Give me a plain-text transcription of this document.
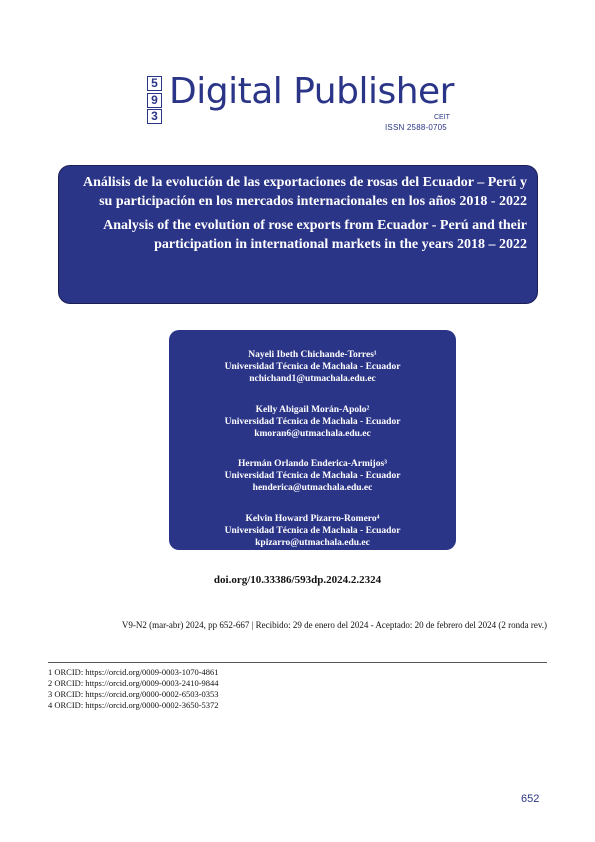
5
9
3
Digital Publisher
CEIT
ISSN 2588-0705
Análisis de la evolución de las exportaciones de rosas del Ecuador – Perú y su participación en los mercados internacionales en los años 2018 - 2022
Analysis of the evolution of rose exports from Ecuador - Perú and their participation in international markets in the years 2018 – 2022
Nayeli Ibeth Chichande-Torres¹
Universidad Técnica de Machala - Ecuador
nchichand1@utmachala.edu.ec
Kelly Abigail Morán-Apolo²
Universidad Técnica de Machala - Ecuador
kmoran6@utmachala.edu.ec
Hermán Orlando Enderica-Armijos³
Universidad Técnica de Machala - Ecuador
henderica@utmachala.edu.ec
Kelvin Howard Pizarro-Romero⁴
Universidad Técnica de Machala - Ecuador
kpizarro@utmachala.edu.ec
doi.org/10.33386/593dp.2024.2.2324
V9-N2 (mar-abr) 2024, pp 652-667 | Recibido: 29 de enero del 2024 - Aceptado: 20 de febrero del 2024 (2 ronda rev.)
1 ORCID: https://orcid.org/0009-0003-1070-4861
2 ORCID: https://orcid.org/0009-0003-2410-9844
3 ORCID: https://orcid.org/0000-0002-6503-0353
4 ORCID: https://orcid.org/0000-0002-3650-5372
652
